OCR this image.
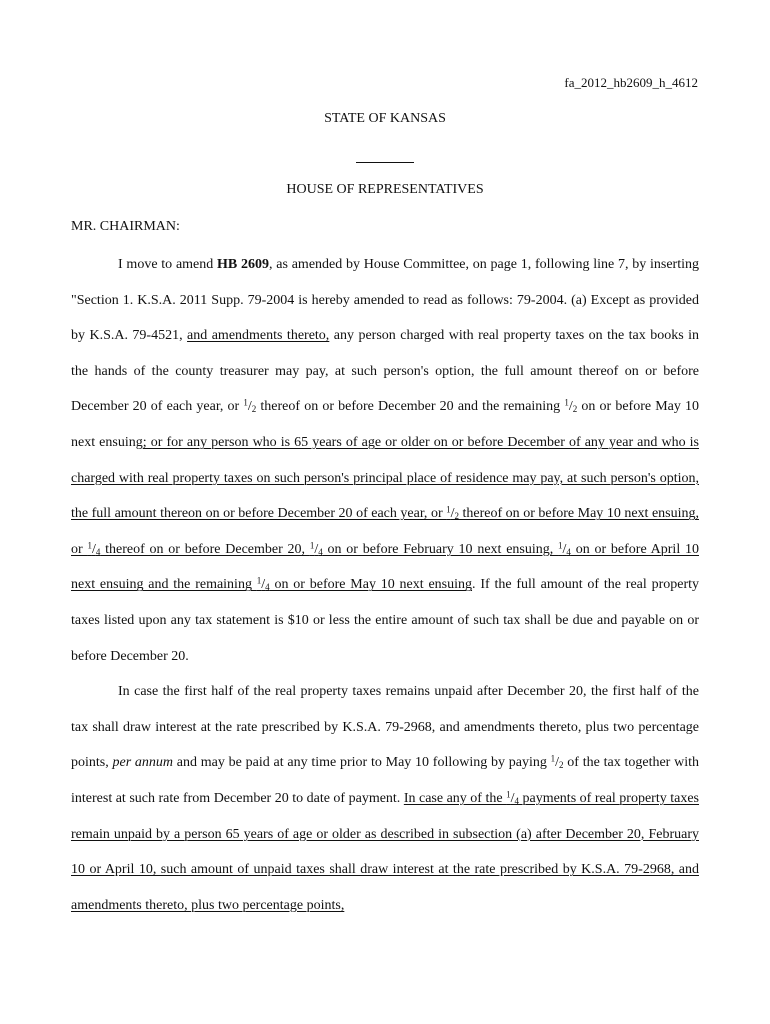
fa_2012_hb2609_h_4612
STATE OF KANSAS
HOUSE OF REPRESENTATIVES
MR. CHAIRMAN:

I move to amend HB 2609, as amended by House Committee, on page 1, following line 7, by inserting "Section 1. K.S.A. 2011 Supp. 79-2004 is hereby amended to read as follows: 79-2004. (a) Except as provided by K.S.A. 79-4521, and amendments thereto, any person charged with real property taxes on the tax books in the hands of the county treasurer may pay, at such person's option, the full amount thereof on or before December 20 of each year, or $^1/_2$ thereof on or before December 20 and the remaining $^1/_2$ on or before May 10 next ensuing; or for any person who is 65 years of age or older on or before December of any year and who is charged with real property taxes on such person's principal place of residence may pay, at such person's option, the full amount thereon on or before December 20 of each year, or $^1/_2$ thereof on or before May 10 next ensuing, or $^1/_4$ thereof on or before December 20, $^1/_4$ on or before February 10 next ensuing, $^1/_4$ on or before April 10 next ensuing and the remaining $^1/_4$ on or before May 10 next ensuing. If the full amount of the real property taxes listed upon any tax statement is $10 or less the entire amount of such tax shall be due and payable on or before December 20.

In case the first half of the real property taxes remains unpaid after December 20, the first half of the tax shall draw interest at the rate prescribed by K.S.A. 79-2968, and amendments thereto, plus two percentage points, per annum and may be paid at any time prior to May 10 following by paying $^1/_2$ of the tax together with interest at such rate from December 20 to date of payment. In case any of the $^1/_4$ payments of real property taxes remain unpaid by a person 65 years of age or older as described in subsection (a) after December 20, February 10 or April 10, such amount of unpaid taxes shall draw interest at the rate prescribed by K.S.A. 79-2968, and amendments thereto, plus two percentage points,
